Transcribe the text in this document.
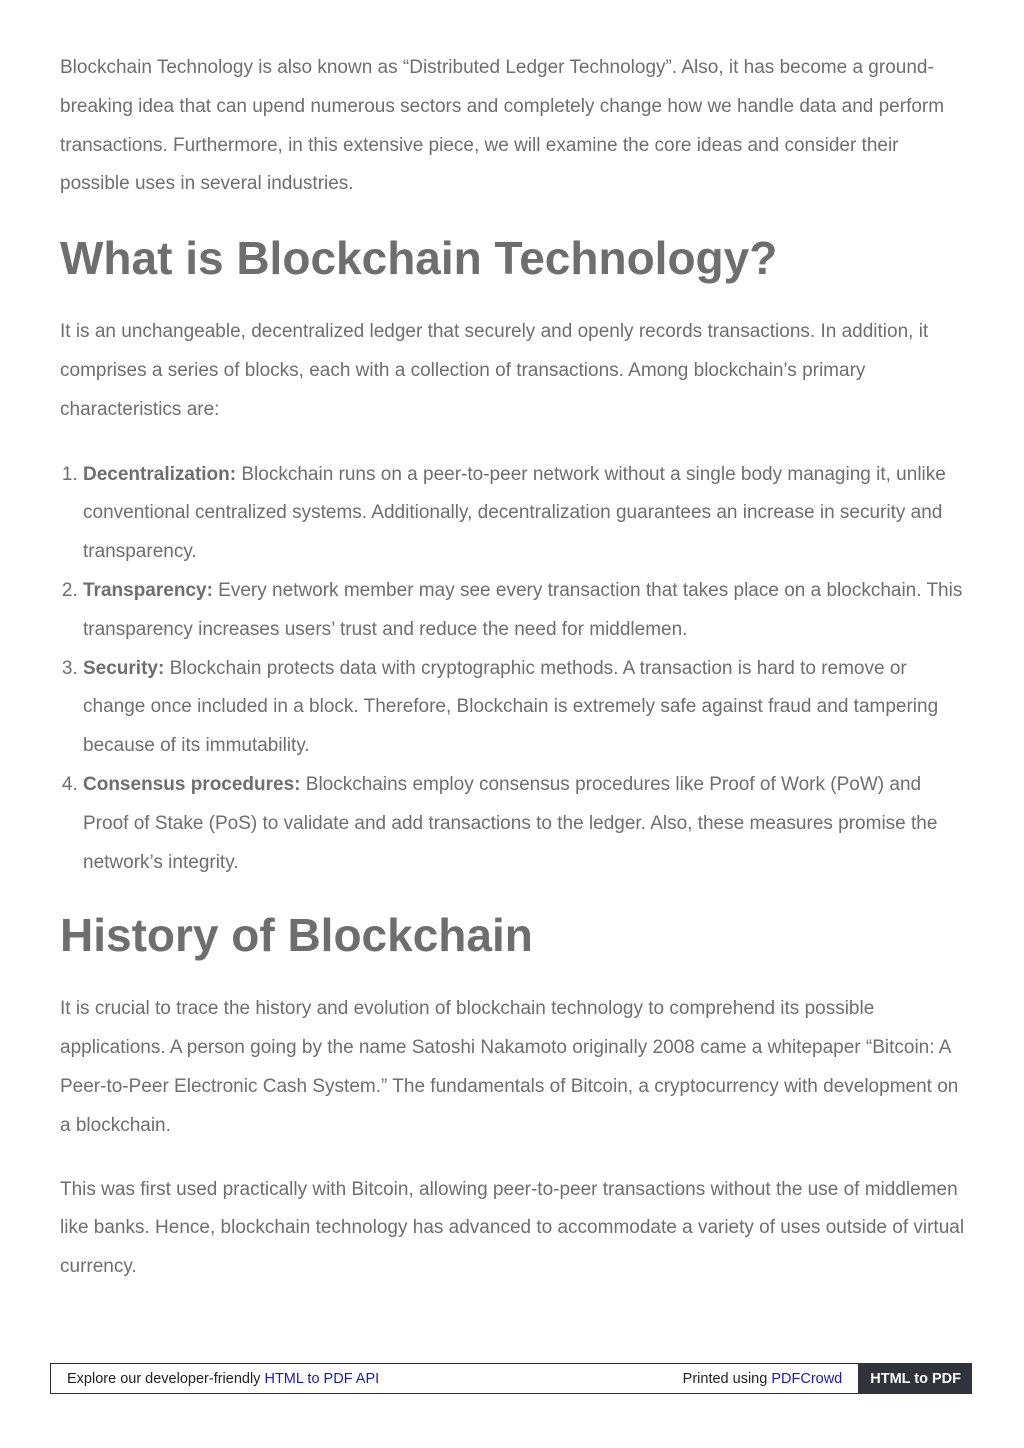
Blockchain Technology is also known as “Distributed Ledger Technology”. Also, it has become a ground-breaking idea that can upend numerous sectors and completely change how we handle data and perform transactions. Furthermore, in this extensive piece, we will examine the core ideas and consider their possible uses in several industries.

What is Blockchain Technology?

It is an unchangeable, decentralized ledger that securely and openly records transactions. In addition, it comprises a series of blocks, each with a collection of transactions. Among blockchain’s primary characteristics are:

1. Decentralization: Blockchain runs on a peer-to-peer network without a single body managing it, unlike conventional centralized systems. Additionally, decentralization guarantees an increase in security and transparency.
2. Transparency: Every network member may see every transaction that takes place on a blockchain. This transparency increases users’ trust and reduce the need for middlemen.
3. Security: Blockchain protects data with cryptographic methods. A transaction is hard to remove or change once included in a block. Therefore, Blockchain is extremely safe against fraud and tampering because of its immutability.
4. Consensus procedures: Blockchains employ consensus procedures like Proof of Work (PoW) and Proof of Stake (PoS) to validate and add transactions to the ledger. Also, these measures promise the network’s integrity.
History of Blockchain

It is crucial to trace the history and evolution of blockchain technology to comprehend its possible applications. A person going by the name Satoshi Nakamoto originally 2008 came a whitepaper “Bitcoin: A Peer-to-Peer Electronic Cash System.” The fundamentals of Bitcoin, a cryptocurrency with development on a blockchain.

This was first used practically with Bitcoin, allowing peer-to-peer transactions without the use of middlemen like banks. Hence, blockchain technology has advanced to accommodate a variety of uses outside of virtual currency.

Explore our developer-friendly HTML to PDF API	Printed using PDFCrowd	HTML to PDF
